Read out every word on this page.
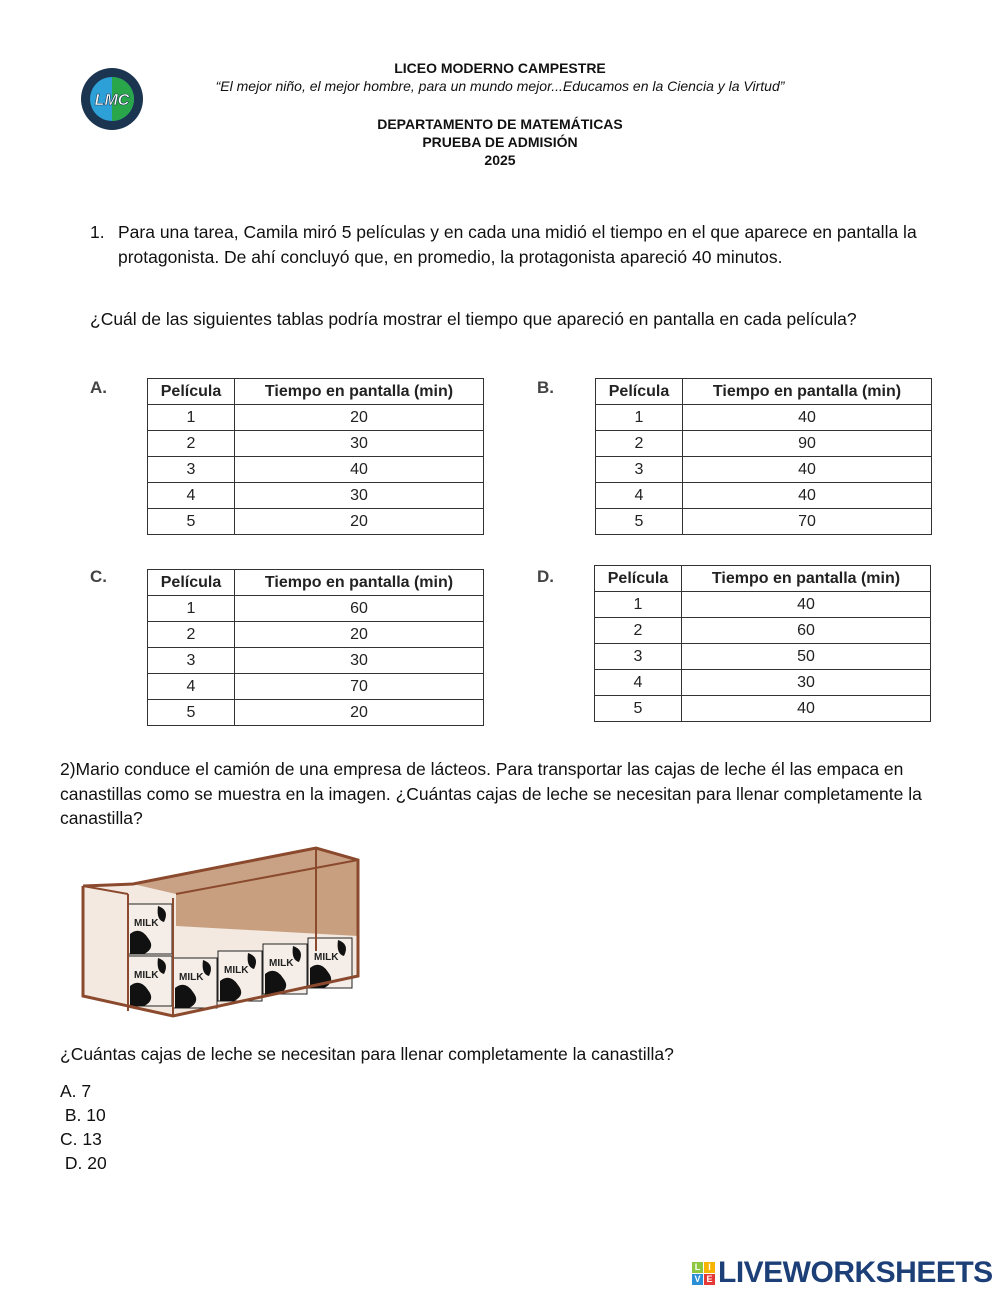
LMC
LICEO MODERNO CAMPESTRE
“El mejor niño, el mejor hombre, para un mundo mejor...Educamos en la Ciencia y la Virtud”
DEPARTAMENTO DE MATEMÁTICAS
PRUEBA DE ADMISIÓN
2025
1. Para una tarea, Camila miró 5 películas y en cada una midió el tiempo en el que aparece en pantalla la protagonista. De ahí concluyó que, en promedio, la protagonista apareció 40 minutos.
¿Cuál de las siguientes tablas podría mostrar el tiempo que apareció en pantalla en cada película?
A.	Película	Tiempo en pantalla (min)
1	20
2	30
3	40
4	30
5	20
B.	Película	Tiempo en pantalla (min)
1	40
2	90
3	40
4	40
5	70
C.	Película	Tiempo en pantalla (min)
1	60
2	20
3	30
4	70
5	20
D.	Película	Tiempo en pantalla (min)
1	40
2	60
3	50
4	30
5	40
2)Mario conduce el camión de una empresa de lácteos. Para transportar las cajas de leche él las empaca en canastillas como se muestra en la imagen. ¿Cuántas cajas de leche se necesitan para llenar completamente la canastilla?
MILK
MILK MILK
MILK
MILK
MILK
¿Cuántas cajas de leche se necesitan para llenar completamente la canastilla?
A. 7
B. 10
C. 13
D. 20
L I
V E LIVEWORKSHEETS
